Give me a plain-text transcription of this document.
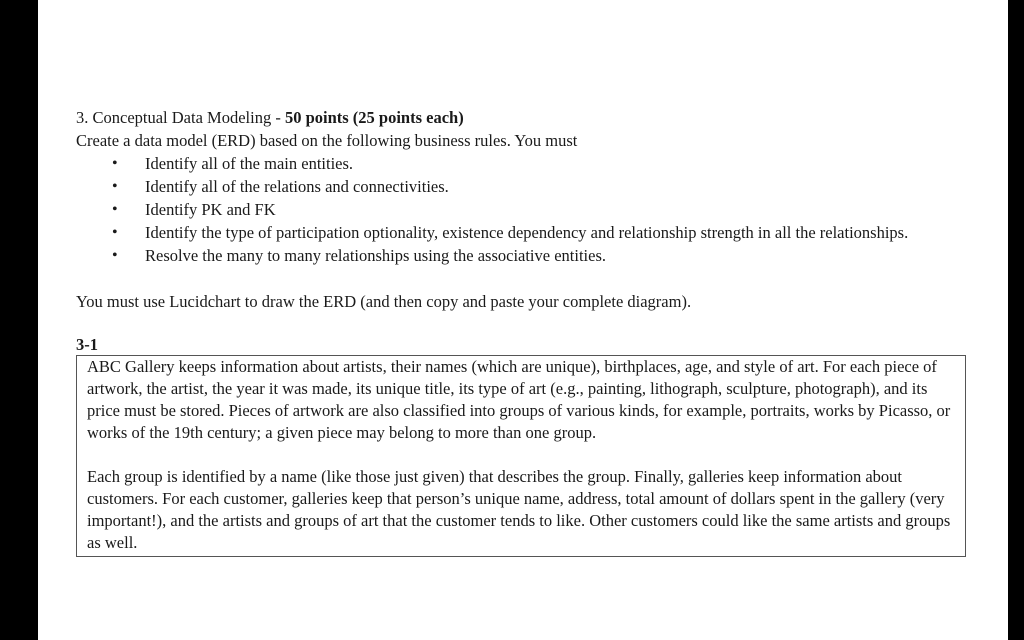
3. Conceptual Data Modeling - 50 points (25 points each)
Create a data model (ERD) based on the following business rules. You must
• Identify all of the main entities.
• Identify all of the relations and connectivities.
• Identify PK and FK
• Identify the type of participation optionality, existence dependency and relationship strength in all the relationships.
• Resolve the many to many relationships using the associative entities.
You must use Lucidchart to draw the ERD (and then copy and paste your complete diagram).
3-1

ABC Gallery keeps information about artists, their names (which are unique), birthplaces, age, and style of art. For each piece of artwork, the artist, the year it was made, its unique title, its type of art (e.g., painting, lithograph, sculpture, photograph), and its price must be stored. Pieces of artwork are also classified into groups of various kinds, for example, portraits, works by Picasso, or works of the 19th century; a given piece may belong to more than one group.

Each group is identified by a name (like those just given) that describes the group. Finally, galleries keep information about customers. For each customer, galleries keep that person’s unique name, address, total amount of dollars spent in the gallery (very important!), and the artists and groups of art that the customer tends to like. Other customers could like the same artists and groups as well.
